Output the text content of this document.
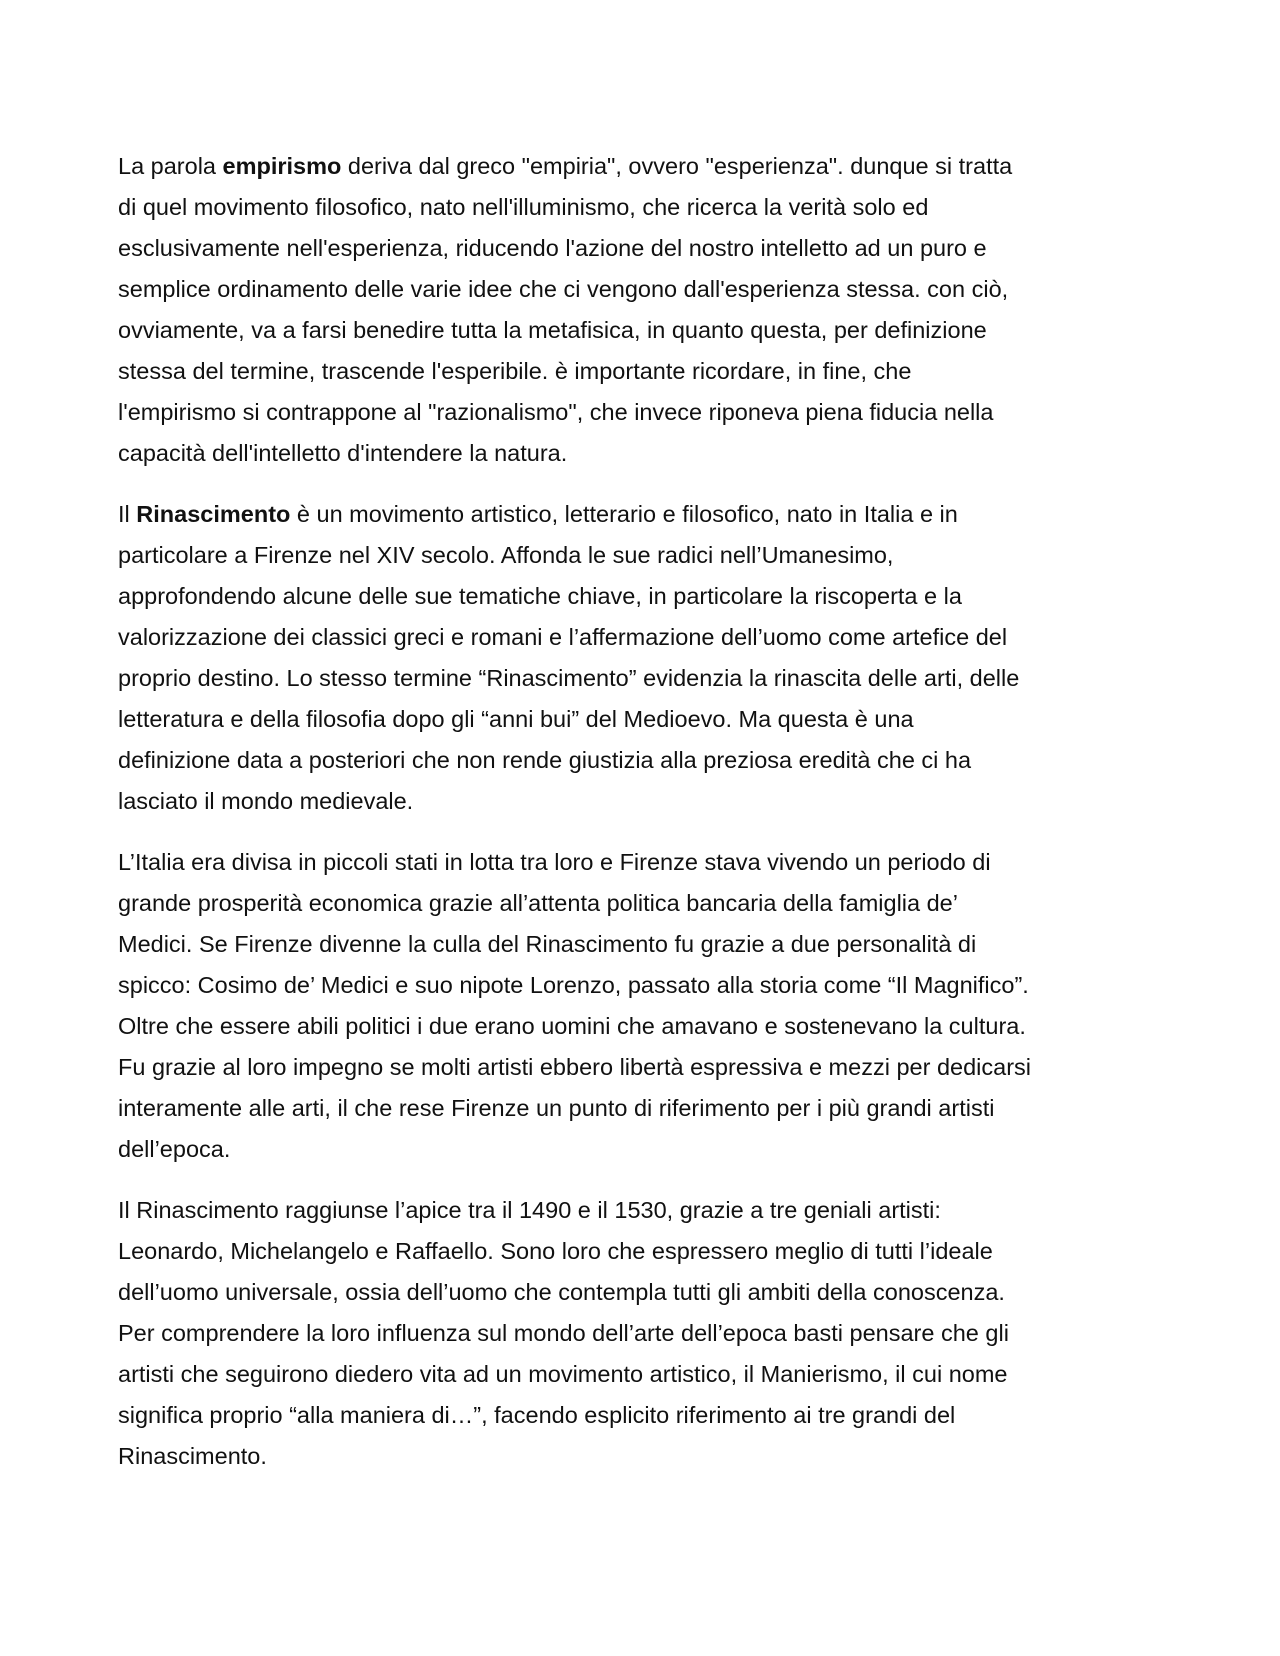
La parola empirismo deriva dal greco "empiria", ovvero "esperienza". dunque si tratta
di quel movimento filosofico, nato nell'illuminismo, che ricerca la verità solo ed
esclusivamente nell'esperienza, riducendo l'azione del nostro intelletto ad un puro e
semplice ordinamento delle varie idee che ci vengono dall'esperienza stessa. con ciò,
ovviamente, va a farsi benedire tutta la metafisica, in quanto questa, per definizione
stessa del termine, trascende l'esperibile. è importante ricordare, in fine, che
l'empirismo si contrappone al "razionalismo", che invece riponeva piena fiducia nella
capacità dell'intelletto d'intendere la natura.

Il Rinascimento è un movimento artistico, letterario e filosofico, nato in Italia e in
particolare a Firenze nel XIV secolo. Affonda le sue radici nell’Umanesimo,
approfondendo alcune delle sue tematiche chiave, in particolare la riscoperta e la
valorizzazione dei classici greci e romani e l’affermazione dell’uomo come artefice del
proprio destino. Lo stesso termine “Rinascimento” evidenzia la rinascita delle arti, delle
letteratura e della filosofia dopo gli “anni bui” del Medioevo. Ma questa è una
definizione data a posteriori che non rende giustizia alla preziosa eredità che ci ha
lasciato il mondo medievale.

L’Italia era divisa in piccoli stati in lotta tra loro e Firenze stava vivendo un periodo di
grande prosperità economica grazie all’attenta politica bancaria della famiglia de’
Medici. Se Firenze divenne la culla del Rinascimento fu grazie a due personalità di
spicco: Cosimo de’ Medici e suo nipote Lorenzo, passato alla storia come “Il Magnifico”.
Oltre che essere abili politici i due erano uomini che amavano e sostenevano la cultura.
Fu grazie al loro impegno se molti artisti ebbero libertà espressiva e mezzi per dedicarsi
interamente alle arti, il che rese Firenze un punto di riferimento per i più grandi artisti
dell’epoca.

Il Rinascimento raggiunse l’apice tra il 1490 e il 1530, grazie a tre geniali artisti:
Leonardo, Michelangelo e Raffaello. Sono loro che espressero meglio di tutti l’ideale
dell’uomo universale, ossia dell’uomo che contempla tutti gli ambiti della conoscenza.
Per comprendere la loro influenza sul mondo dell’arte dell’epoca basti pensare che gli
artisti che seguirono diedero vita ad un movimento artistico, il Manierismo, il cui nome
significa proprio “alla maniera di…”, facendo esplicito riferimento ai tre grandi del
Rinascimento.
